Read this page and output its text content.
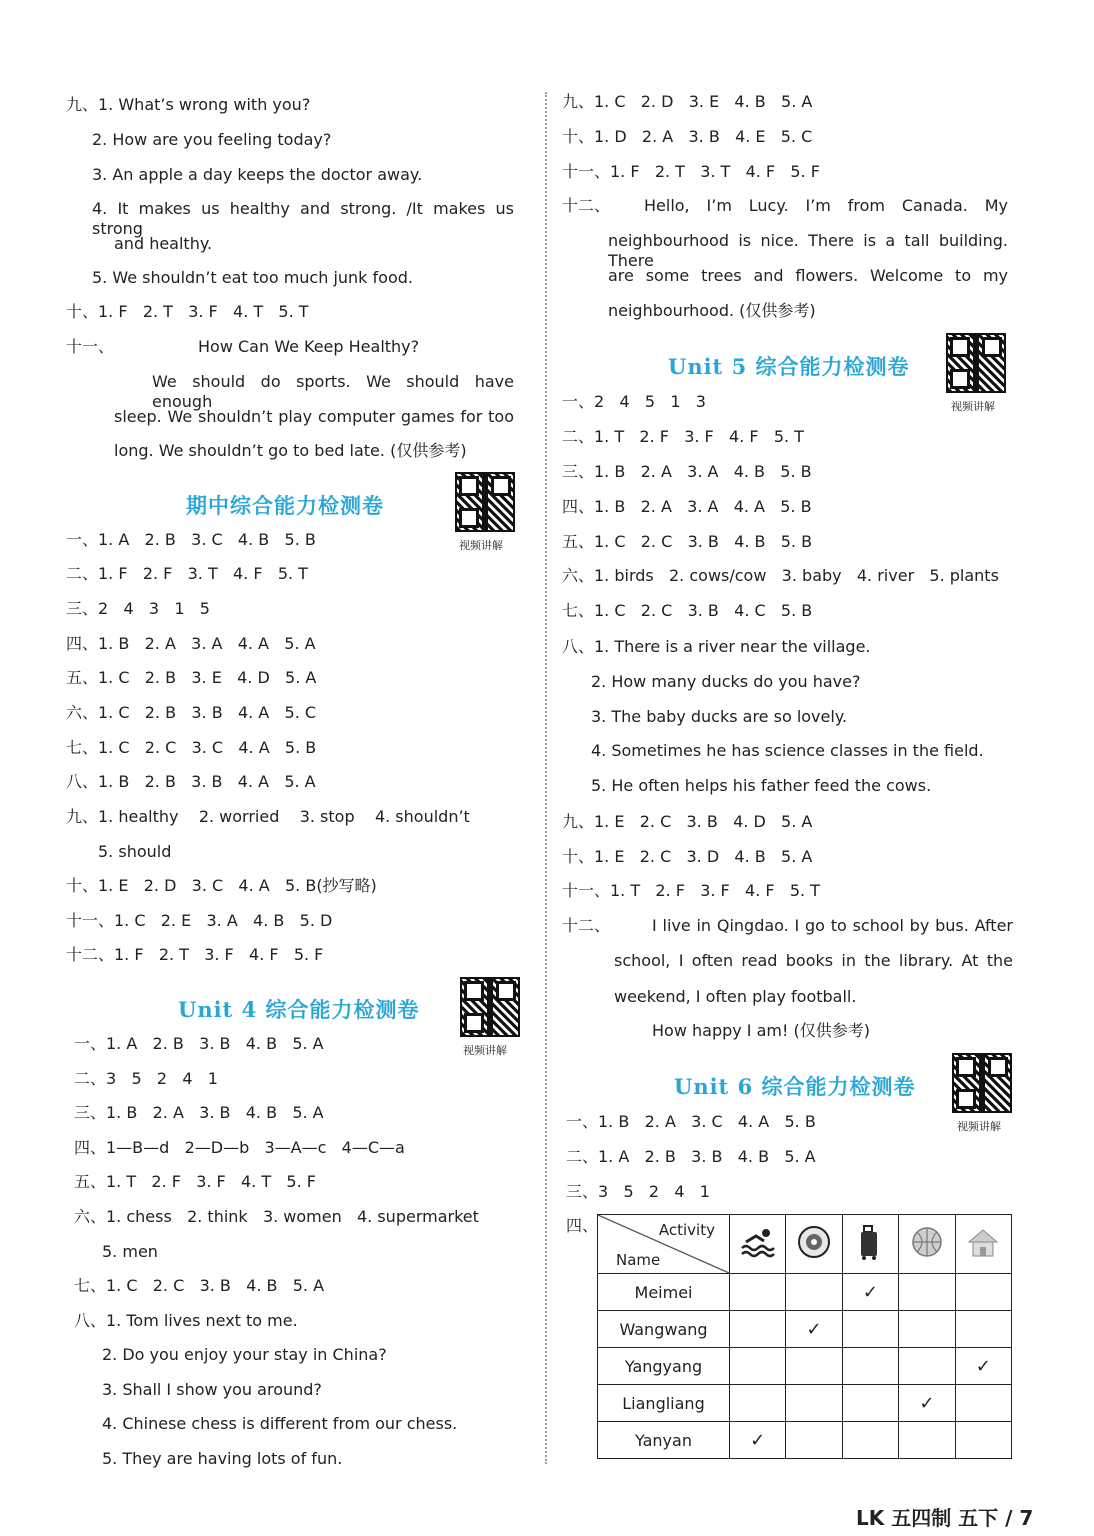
九、1. What’s wrong with you?
2. How are you feeling today?
3. An apple a day keeps the doctor away.
4. It makes us healthy and strong. /It makes us strong
and healthy.
5. We shouldn’t eat too much junk food.
十、1. F   2. T   3. F   4. T   5. T
十一、	How Can We Keep Healthy?
We should do sports. We should have enough
sleep. We shouldn’t play computer games for too
long. We shouldn’t go to bed late. (仅供参考)
期中综合能力检测卷
视频讲解
一、1. A   2. B   3. C   4. B   5. B
二、1. F   2. F   3. T   4. F   5. T
三、2   4   3   1   5
四、1. B   2. A   3. A   4. A   5. A
五、1. C   2. B   3. E   4. D   5. A
六、1. C   2. B   3. B   4. A   5. C
七、1. C   2. C   3. C   4. A   5. B
八、1. B   2. B   3. B   4. A   5. A
九、1. healthy    2. worried    3. stop    4. shouldn’t
5. should
十、1. E   2. D   3. C   4. A   5. B(抄写略)
十一、1. C   2. E   3. A   4. B   5. D
十二、1. F   2. T   3. F   4. F   5. F
Unit 4 综合能力检测卷
视频讲解
一、1. A   2. B   3. B   4. B   5. A
二、3   5   2   4   1
三、1. B   2. A   3. B   4. B   5. A
四、1—B—d   2—D—b   3—A—c   4—C—a
五、1. T   2. F   3. F   4. T   5. F
六、1. chess   2. think   3. women   4. supermarket
5. men
七、1. C   2. C   3. B   4. B   5. A
八、1. Tom lives next to me.
2. Do you enjoy your stay in China?
3. Shall I show you around?
4. Chinese chess is different from our chess.
5. They are having lots of fun.
九、1. C   2. D   3. E   4. B   5. A
十、1. D   2. A   3. B   4. E   5. C
十一、1. F   2. T   3. T   4. F   5. F
十二、 Hello, I’m Lucy. I’m from Canada. My
neighbourhood is nice. There is a tall building. There
are some trees and flowers. Welcome to my
neighbourhood. (仅供参考)
Unit 5 综合能力检测卷
视频讲解
一、2   4   5   1   3
二、1. T   2. F   3. F   4. F   5. T
三、1. B   2. A   3. A   4. B   5. B
四、1. B   2. A   3. A   4. A   5. B
五、1. C   2. C   3. B   4. B   5. B
六、1. birds   2. cows/cow   3. baby   4. river   5. plants
七、1. C   2. C   3. B   4. C   5. B
八、1. There is a river near the village.
2. How many ducks do you have?
3. The baby ducks are so lovely.
4. Sometimes he has science classes in the field.
5. He often helps his father feed the cows.
九、1. E   2. C   3. B   4. D   5. A
十、1. E   2. C   3. D   4. B   5. A
十一、1. T   2. F   3. F   4. F   5. T
十二、	I live in Qingdao. I go to school by bus. After
school, I often read books in the library. At the
weekend, I often play football.
How happy I am! (仅供参考)
Unit 6 综合能力检测卷
视频讲解
一、1. B   2. A   3. C   4. A   5. B
二、1. A   2. B   3. B   4. B   5. A
三、3   5   2   4   1
四、	Activity
Name

Meimei			✓		
Wangwang		✓			
Yangyang					✓
Liangliang				✓	
Yanyan	✓				
LK 五四制 五下 / 7
